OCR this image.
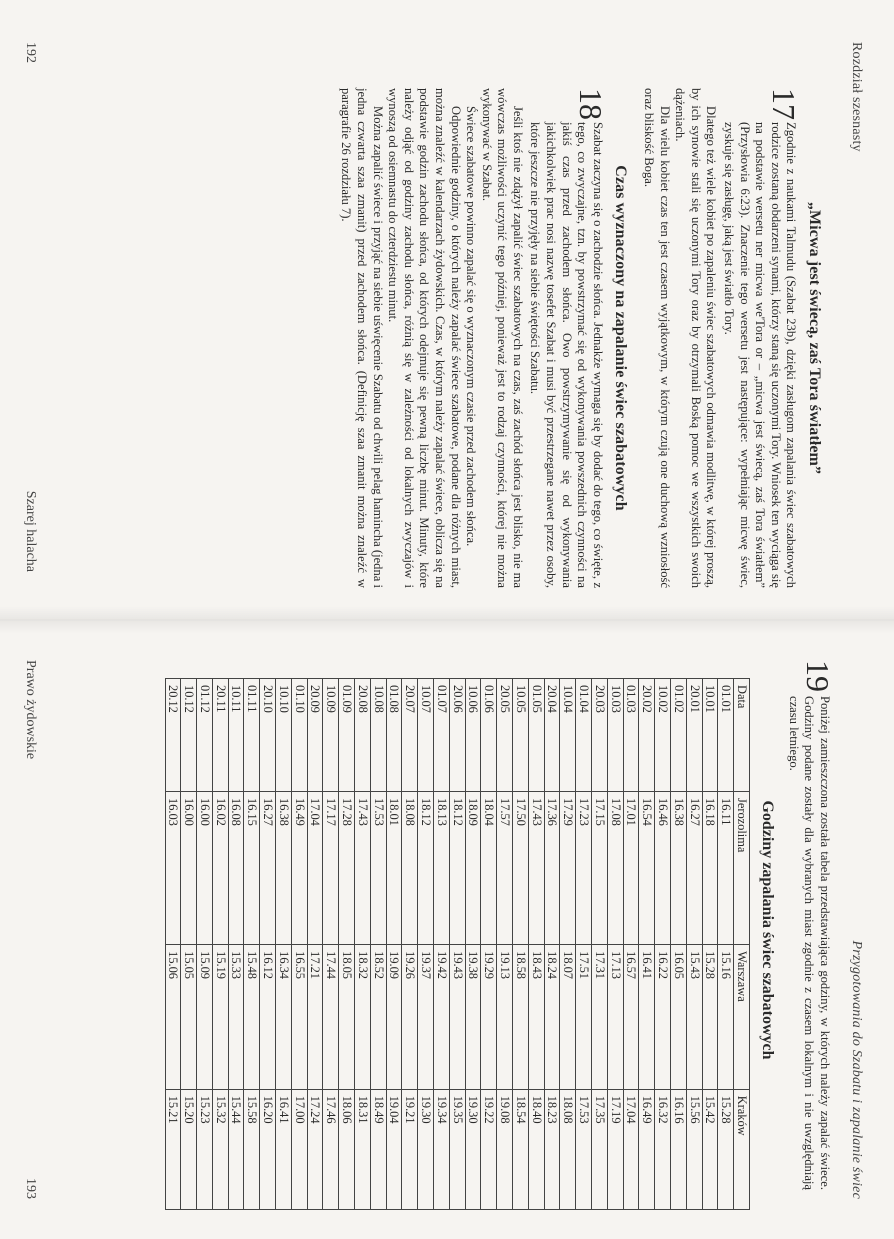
Rozdział szesnasty
„Micwa jest świecą, zaś Tora światłem”
17

Zgodnie z naukami Talmudu (Szabat 23b), dzięki zasługom zapalania świec szabatowych rodzice zostaną obdarzeni synami, którzy staną się uczonymi Tory. Wniosek ten wyciąga się na podstawie wersetu ner micwa we'Tora or – „micwa jest świecą, zaś Tora światłem” (Przysłowia 6:23). Znaczenie tego wersetu jest następujące: wypełniając micwę świec, zyskuje się zasługę, jaką jest światło Tory.

Dlatego też wiele kobiet po zapaleniu świec szabatowych odmawia modlitwę, w której proszą, by ich synowie stali się uczonymi Tory oraz by otrzymali Boską pomoc we wszystkich swoich dążeniach.

Dla wielu kobiet czas ten jest czasem wyjątkowym, w którym czują one duchową wzniosłość oraz bliskość Boga.

Czas wyznaczony na zapalanie świec szabatowych
18

Szabat zaczyna się o zachodzie słońca. Jednakże wymaga się by dodać do tego, co święte, z tego, co zwyczajne, tzn. by powstrzymać się od wykonywania powszednich czynności na jakiś czas przed zachodem słońca. Owo powstrzymywanie się od wykonywania jakichkolwiek prac nosi nazwę tosefet Szabat i musi być przestrzegane nawet przez osoby, które jeszcze nie przyjęły na siebie świętości Szabatu.

Jeśli ktoś nie zdążył zapalić świec szabatowych na czas, zaś zachód słońca jest blisko, nie ma wówczas możliwości uczynić tego później, ponieważ jest to rodzaj czynności, której nie można wykonywać w Szabat.

Świece szabatowe powinno zapalać się o wyznaczonym czasie przed zachodem słońca.

Odpowiednie godziny, o których należy zapalać świece szabatowe, podane dla różnych miast, można znaleźć w kalendarzach żydowskich. Czas, w którym należy zapalać świece, oblicza się na podstawie godzin zachodu słońca, od których odejmuje się pewną liczbę minut. Minuty, które należy odjąć od godziny zachodu słońca, różnią się w zależności od lokalnych zwyczajów i wynoszą od osiemnastu do czterdziestu minut.

Można zapalić świece i przyjąć na siebie uświęcenie Szabatu od chwili pelag hamincha (jedna i jedna czwarta szaa zmanit) przed zachodem słońca. (Definicję szaa zmanit można znaleźć w paragrafie 26 rozdziału 7).

192
Szarej halacha
Przygotowania do Szabatu i zapalanie świec
19

Poniżej zamieszczona została tabela przedstawiająca godziny, w których należy zapalać świece. Godziny podane zostały dla wybranych miast zgodnie z czasem lokalnym i nie uwzględniają czasu letniego.

Godziny zapalania świec szabatowych
Data	Jerozolima	Warszawa	Kraków
01.01	16.11	15.16	15.28
10.01	16.18	15.28	15.42
20.01	16.27	15.43	15.56
01.02	16.38	16.05	16.16
10.02	16.46	16.22	16.32
20.02	16.54	16.41	16.49
01.03	17.01	16.57	17.04
10.03	17.08	17.13	17.19
20.03	17.15	17.31	17.35
01.04	17.23	17.51	17.53
10.04	17.29	18.07	18.08
20.04	17.36	18.24	18.23
01.05	17.43	18.43	18.40
10.05	17.50	18.58	18.54
20.05	17.57	19.13	19.08
01.06	18.04	19.29	19.22
10.06	18.09	19.38	19.30
20.06	18.12	19.43	19.35
01.07	18.13	19.42	19.34
10.07	18.12	19.37	19.30
20.07	18.08	19.26	19.21
01.08	18.01	19.09	19.04
10.08	17.53	18.52	18.49
20.08	17.43	18.32	18.31
01.09	17.28	18.05	18.06
10.09	17.17	17.44	17.46
20.09	17.04	17.21	17.24
01.10	16.49	16.55	17.00
10.10	16.38	16.34	16.41
20.10	16.27	16.12	16.20
01.11	16.15	15.48	15.58
10.11	16.08	15.33	15.44
20.11	16.02	15.19	15.32
01.12	16.00	15.09	15.23
10.12	16.00	15.05	15.20
20.12	16.03	15.06	15.21
193
Prawo żydowskie
